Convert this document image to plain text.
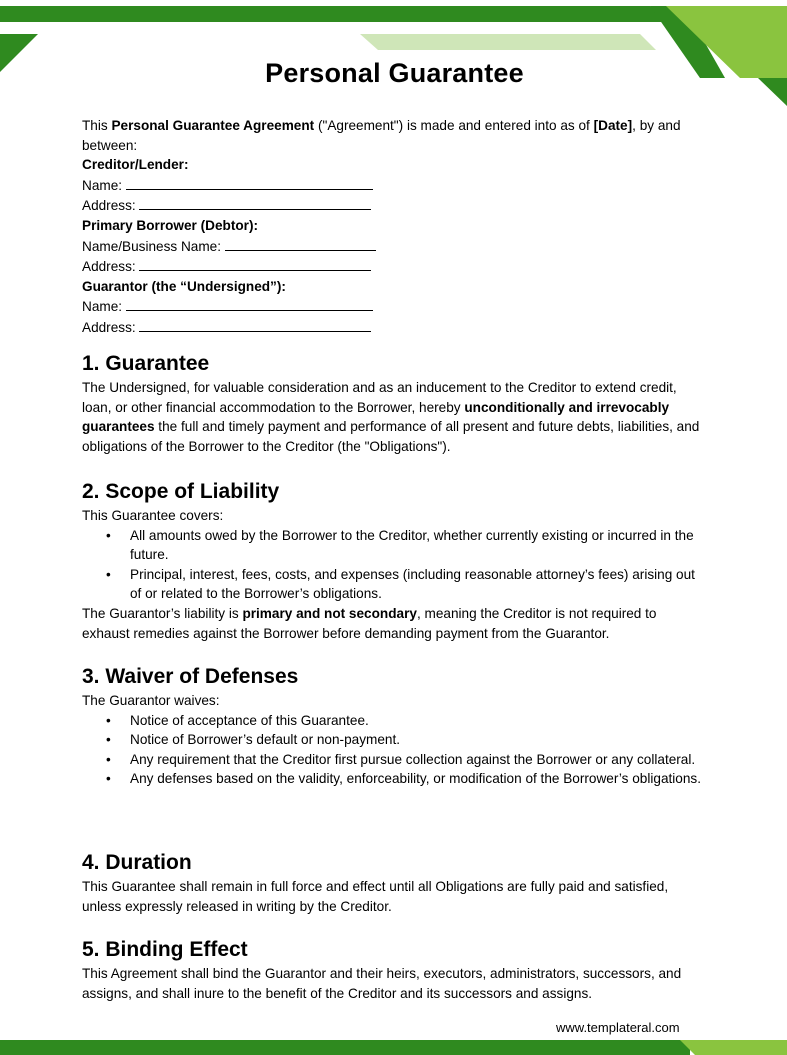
Personal Guarantee

This Personal Guarantee Agreement ("Agreement") is made and entered into as of [Date], by and between:

Creditor/Lender:

Name:

Address:

Primary Borrower (Debtor):

Name/Business Name:

Address:

Guarantor (the “Undersigned”):

Name:

Address:

1. Guarantee

The Undersigned, for valuable consideration and as an inducement to the Creditor to extend credit, loan, or other financial accommodation to the Borrower, hereby unconditionally and irrevocably guarantees the full and timely payment and performance of all present and future debts, liabilities, and obligations of the Borrower to the Creditor (the "Obligations").

2. Scope of Liability

This Guarantee covers:

• All amounts owed by the Borrower to the Creditor, whether currently existing or incurred in the future.
• Principal, interest, fees, costs, and expenses (including reasonable attorney’s fees) arising out of or related to the Borrower’s obligations.

The Guarantor’s liability is primary and not secondary, meaning the Creditor is not required to exhaust remedies against the Borrower before demanding payment from the Guarantor.

3. Waiver of Defenses

The Guarantor waives:

• Notice of acceptance of this Guarantee.
• Notice of Borrower’s default or non-payment.
• Any requirement that the Creditor first pursue collection against the Borrower or any collateral.
• Any defenses based on the validity, enforceability, or modification of the Borrower’s obligations.
4. Duration

This Guarantee shall remain in full force and effect until all Obligations are fully paid and satisfied, unless expressly released in writing by the Creditor.

5. Binding Effect

This Agreement shall bind the Guarantor and their heirs, executors, administrators, successors, and assigns, and shall inure to the benefit of the Creditor and its successors and assigns.

www.templateral.com
